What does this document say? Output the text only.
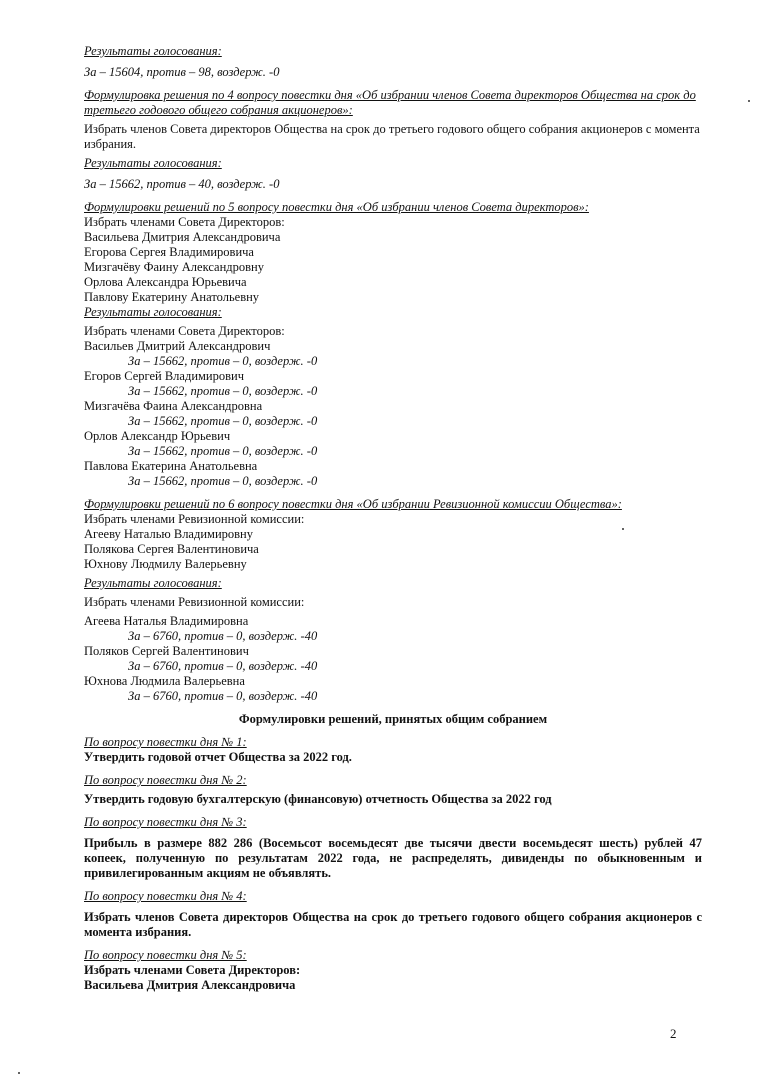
Результаты голосования:

За – 15604, против – 98, воздерж. -0

Формулировка решения по 4 вопросу повестки дня «Об избрании членов Совета директоров Общества на срок до третьего годового общего собрания акционеров»:

Избрать членов Совета директоров Общества на срок до третьего годового общего собрания акционеров с момента избрания.

Результаты голосования:

За – 15662, против – 40, воздерж. -0

Формулировки решений по 5 вопросу повестки дня «Об избрании членов Совета директоров»:

Избрать членами Совета Директоров:

Васильева Дмитрия Александровича

Егорова Сергея Владимировича

Мизгачёву Фаину Александровну

Орлова Александра Юрьевича

Павлову Екатерину Анатольевну

Результаты голосования:

Избрать членами Совета Директоров:

Васильев Дмитрий Александрович

За – 15662, против – 0, воздерж. -0

Егоров Сергей Владимирович

За – 15662, против – 0, воздерж. -0

Мизгачёва Фаина Александровна

За – 15662, против – 0, воздерж. -0

Орлов Александр Юрьевич

За – 15662, против – 0, воздерж. -0

Павлова Екатерина Анатольевна

За – 15662, против – 0, воздерж. -0

Формулировки решений по 6 вопросу повестки дня «Об избрании Ревизионной комиссии Общества»:

Избрать членами Ревизионной комиссии:

Агееву Наталью Владимировну

Полякова Сергея Валентиновича

Юхнову Людмилу Валерьевну

Результаты голосования:

Избрать членами Ревизионной комиссии:

Агеева Наталья Владимировна

За – 6760, против – 0, воздерж. -40

Поляков Сергей Валентинович

За – 6760, против – 0, воздерж. -40

Юхнова Людмила Валерьевна

За – 6760, против – 0, воздерж. -40

Формулировки решений, принятых общим собранием

По вопросу повестки дня № 1:

Утвердить годовой отчет Общества за 2022 год.

По вопросу повестки дня № 2:

Утвердить годовую бухгалтерскую (финансовую) отчетность Общества за 2022 год

По вопросу повестки дня № 3:

Прибыль в размере 882 286 (Восемьсот восемьдесят две тысячи двести восемьдесят шесть) рублей 47 копеек, полученную по результатам 2022 года, не распределять, дивиденды по обыкновенным и привилегированным акциям не объявлять.

По вопросу повестки дня № 4:

Избрать членов Совета директоров Общества на срок до третьего годового общего собрания акционеров с момента избрания.

По вопросу повестки дня № 5:

Избрать членами Совета Директоров:

Васильева Дмитрия Александровича

2
